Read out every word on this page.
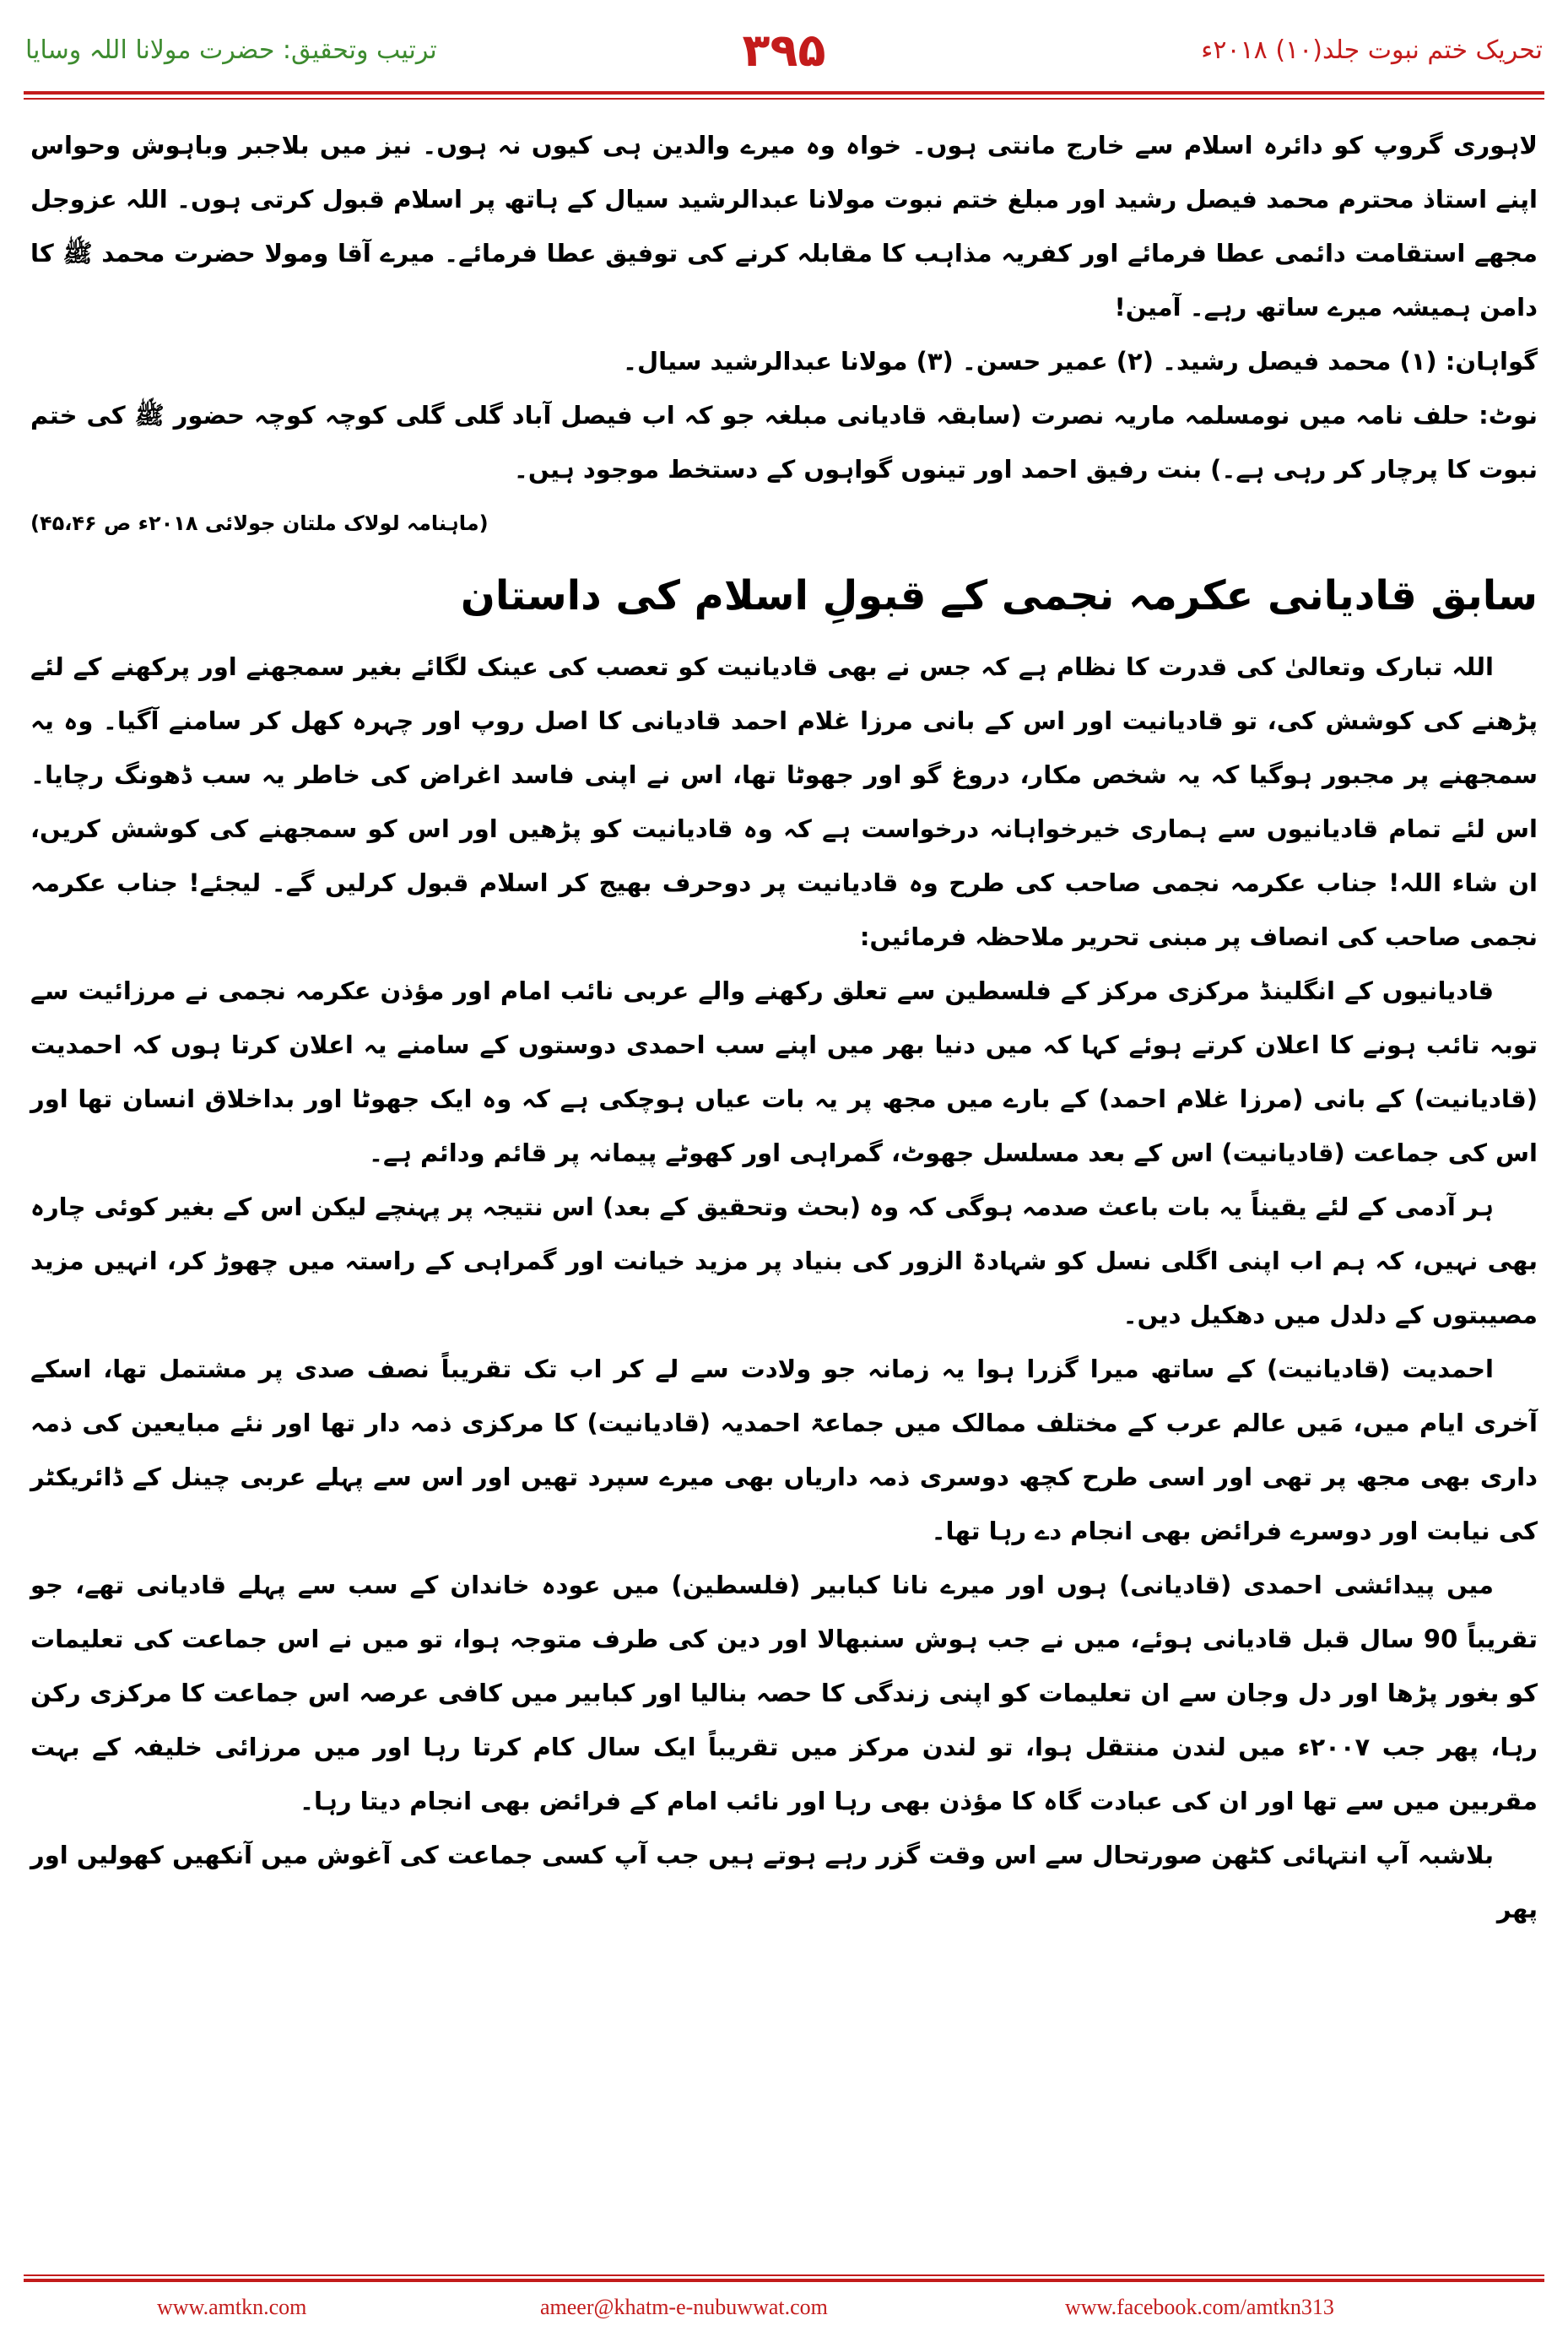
ترتیب وتحقیق: حضرت مولانا اللہ وسایا	۳۹۵	تحریک ختم نبوت جلد(۱۰) ۲۰۱۸ء

لاہوری گروپ کو دائرہ اسلام سے خارج مانتی ہوں۔ خواہ وہ میرے والدین ہی کیوں نہ ہوں۔ نیز میں بلاجبر وباہوش وحواس اپنے استاذ محترم محمد فیصل رشید اور مبلغ ختم نبوت مولانا عبدالرشید سیال کے ہاتھ پر اسلام قبول کرتی ہوں۔ اللہ عزوجل مجھے استقامت دائمی عطا فرمائے اور کفریہ مذاہب کا مقابلہ کرنے کی توفیق عطا فرمائے۔ میرے آقا ومولا حضرت محمد ﷺ کا دامن ہمیشہ میرے ساتھ رہے۔ آمین!

گواہان: (۱) محمد فیصل رشید۔ (۲) عمیر حسن۔ (۳) مولانا عبدالرشید سیال۔

نوٹ: حلف نامہ میں نومسلمہ ماریہ نصرت (سابقہ قادیانی مبلغہ جو کہ اب فیصل آباد گلی گلی کوچہ کوچہ حضور ﷺ کی ختم نبوت کا پرچار کر رہی ہے۔) بنت رفیق احمد اور تینوں گواہوں کے دستخط موجود ہیں۔

(ماہنامہ لولاک ملتان جولائی ۲۰۱۸ء ص ۴۵،۴۶)
سابق قادیانی عکرمہ نجمی کے قبولِ اسلام کی داستان

اللہ تبارک وتعالیٰ کی قدرت کا نظام ہے کہ جس نے بھی قادیانیت کو تعصب کی عینک لگائے بغیر سمجھنے اور پرکھنے کے لئے پڑھنے کی کوشش کی، تو قادیانیت اور اس کے بانی مرزا غلام احمد قادیانی کا اصل روپ اور چہرہ کھل کر سامنے آگیا۔ وہ یہ سمجھنے پر مجبور ہوگیا کہ یہ شخص مکار، دروغ گو اور جھوٹا تھا، اس نے اپنی فاسد اغراض کی خاطر یہ سب ڈھونگ رچایا۔ اس لئے تمام قادیانیوں سے ہماری خیرخواہانہ درخواست ہے کہ وہ قادیانیت کو پڑھیں اور اس کو سمجھنے کی کوشش کریں، ان شاء اللہ! جناب عکرمہ نجمی صاحب کی طرح وہ قادیانیت پر دوحرف بھیج کر اسلام قبول کرلیں گے۔ لیجئے! جناب عکرمہ نجمی صاحب کی انصاف پر مبنی تحریر ملاحظہ فرمائیں:

قادیانیوں کے انگلینڈ مرکزی مرکز کے فلسطین سے تعلق رکھنے والے عربی نائب امام اور مؤذن عکرمہ نجمی نے مرزائیت سے توبہ تائب ہونے کا اعلان کرتے ہوئے کہا کہ میں دنیا بھر میں اپنے سب احمدی دوستوں کے سامنے یہ اعلان کرتا ہوں کہ احمدیت (قادیانیت) کے بانی (مرزا غلام احمد) کے بارے میں مجھ پر یہ بات عیاں ہوچکی ہے کہ وہ ایک جھوٹا اور بداخلاق انسان تھا اور اس کی جماعت (قادیانیت) اس کے بعد مسلسل جھوٹ، گمراہی اور کھوٹے پیمانہ پر قائم ودائم ہے۔

ہر آدمی کے لئے یقیناً یہ بات باعث صدمہ ہوگی کہ وہ (بحث وتحقیق کے بعد) اس نتیجہ پر پہنچے لیکن اس کے بغیر کوئی چارہ بھی نہیں، کہ ہم اب اپنی اگلی نسل کو شہادۃ الزور کی بنیاد پر مزید خیانت اور گمراہی کے راستہ میں چھوڑ کر، انہیں مزید مصیبتوں کے دلدل میں دھکیل دیں۔

احمدیت (قادیانیت) کے ساتھ میرا گزرا ہوا یہ زمانہ جو ولادت سے لے کر اب تک تقریباً نصف صدی پر مشتمل تھا، اسکے آخری ایام میں، مَیں عالم عرب کے مختلف ممالک میں جماعۃ احمدیہ (قادیانیت) کا مرکزی ذمہ دار تھا اور نئے مبایعین کی ذمہ داری بھی مجھ پر تھی اور اسی طرح کچھ دوسری ذمہ داریاں بھی میرے سپرد تھیں اور اس سے پہلے عربی چینل کے ڈائریکٹر کی نیابت اور دوسرے فرائض بھی انجام دے رہا تھا۔

میں پیدائشی احمدی (قادیانی) ہوں اور میرے نانا کبابیر (فلسطین) میں عودہ خاندان کے سب سے پہلے قادیانی تھے، جو تقریباً 90 سال قبل قادیانی ہوئے، میں نے جب ہوش سنبھالا اور دین کی طرف متوجہ ہوا، تو میں نے اس جماعت کی تعلیمات کو بغور پڑھا اور دل وجان سے ان تعلیمات کو اپنی زندگی کا حصہ بنالیا اور کبابیر میں کافی عرصہ اس جماعت کا مرکزی رکن رہا، پھر جب ۲۰۰۷ء میں لندن منتقل ہوا، تو لندن مرکز میں تقریباً ایک سال کام کرتا رہا اور میں مرزائی خلیفہ کے بہت مقربین میں سے تھا اور ان کی عبادت گاہ کا مؤذن بھی رہا اور نائب امام کے فرائض بھی انجام دیتا رہا۔

بلاشبہ آپ انتہائی کٹھن صورتحال سے اس وقت گزر رہے ہوتے ہیں جب آپ کسی جماعت کی آغوش میں آنکھیں کھولیں اور پھر

www.amtkn.com	ameer@khatm-e-nubuwwat.com	www.facebook.com/amtkn313
